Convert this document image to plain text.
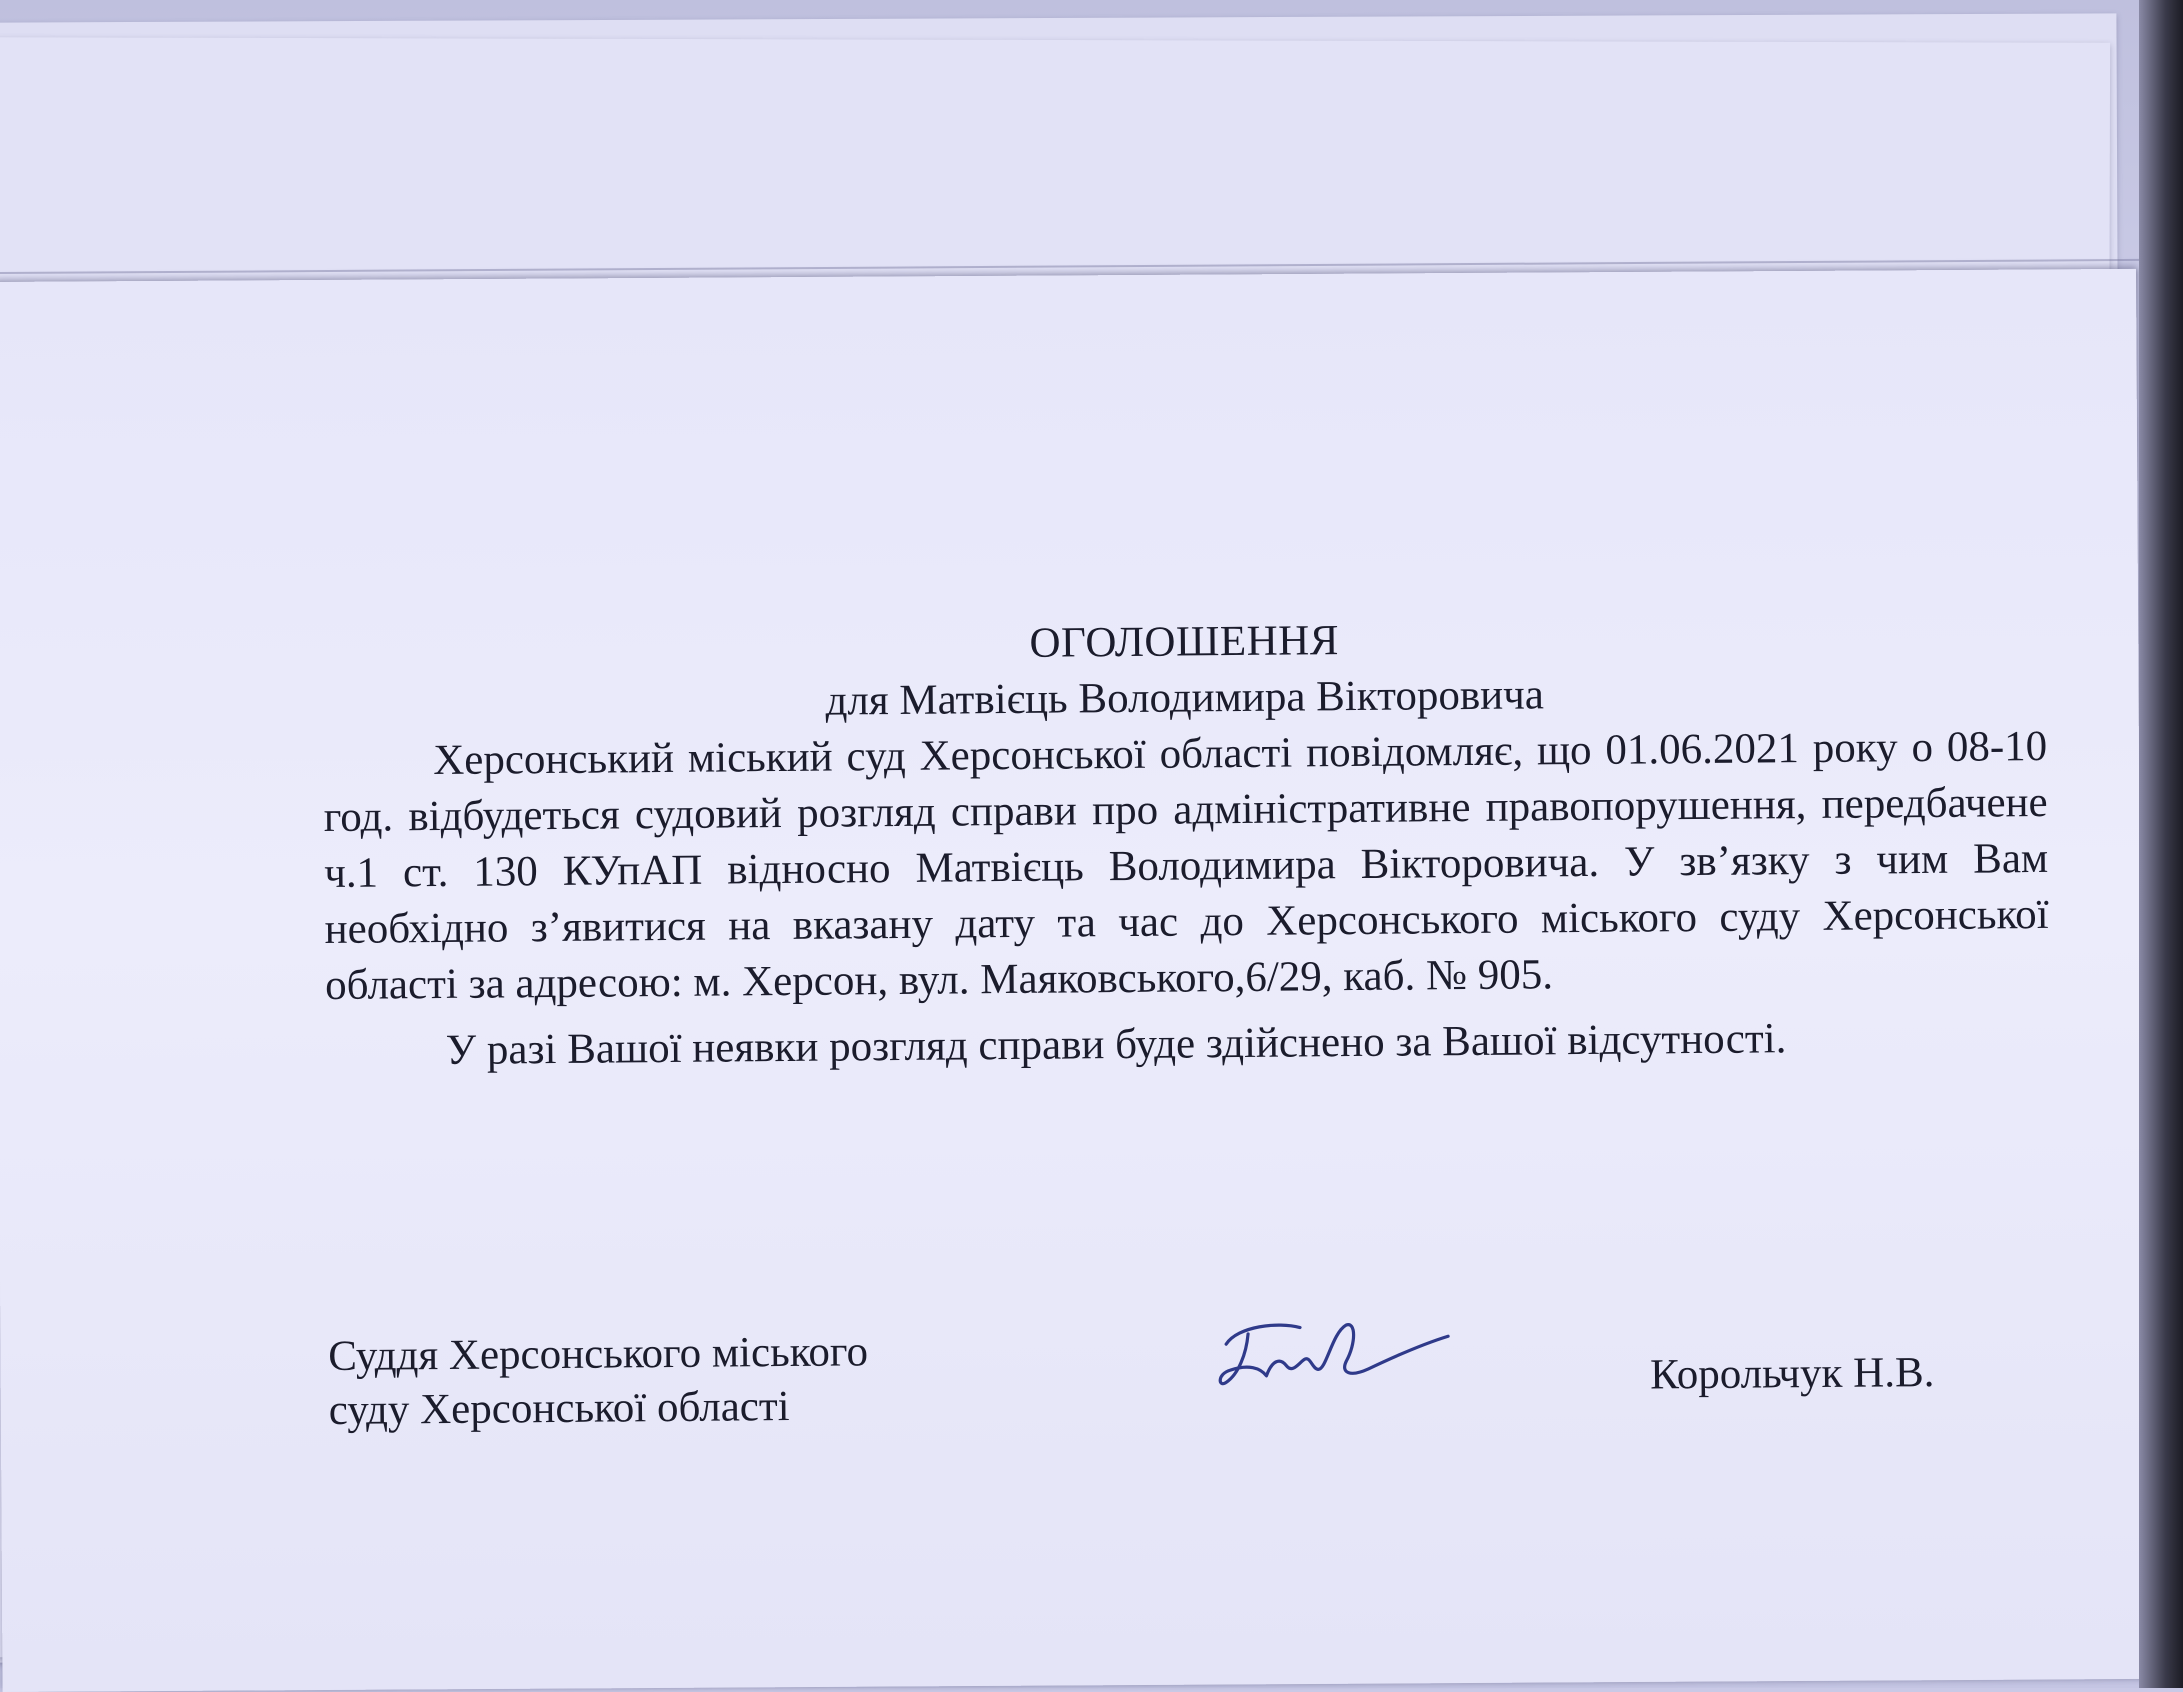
ОГОЛОШЕННЯ

для Матвієць Володимира Вікторовича

Херсонський міський суд Херсонської області повідомляє, що 01.06.2021 року о 08-10 год. відбудеться судовий розгляд справи про адміністративне правопорушення, передбачене ч.1 ст. 130 КУпАП відносно Матвієць Володимира Вікторовича. У зв’язку з чим Вам необхідно з’явитися на вказану дату та час до Херсонського міського суду Херсонської області за адресою: м. Херсон, вул. Маяковського,6/29, каб. № 905.

У разі Вашої неявки розгляд справи буде здійснено за Вашої відсутності.

Суддя Херсонського міського
суду Херсонської області
Корольчук Н.В.
